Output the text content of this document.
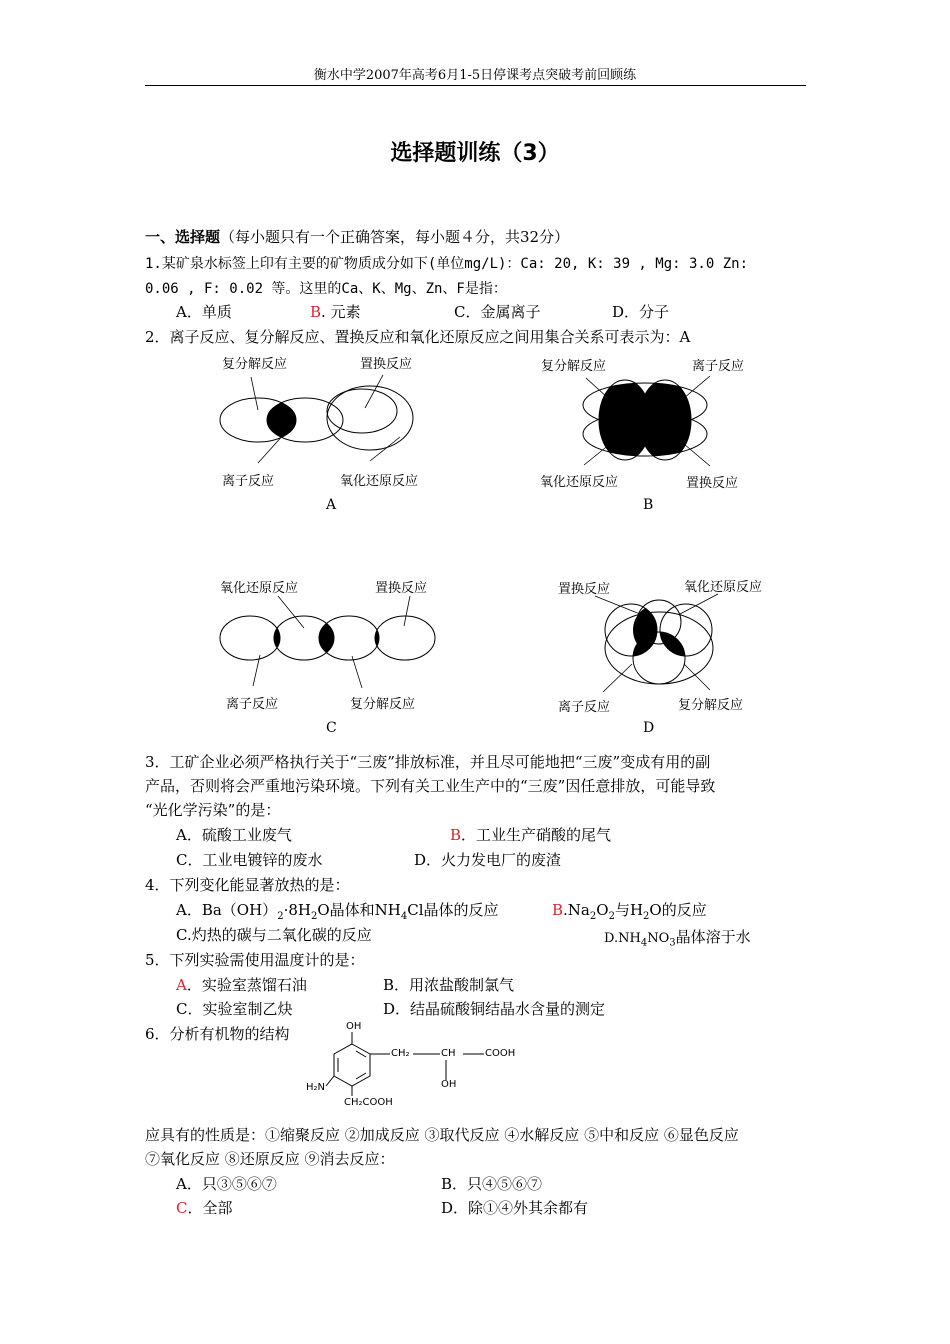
衡水中学2007年高考6月1-5日停课考点突破考前回顾练
选择题训练（3）
一、选择题（每小题只有一个正确答案，每小题４分，共32分）
1.某矿泉水标签上印有主要的矿物质成分如下(单位mg/L)：Ca: 20, K: 39 , Mg: 3.0 Zn:
0.06 , F: 0.02 等。这里的Ca、K、Mg、Zn、F是指：
A．单质	B. 元素	C．金属离子	D．分子
2．离子反应、复分解反应、置换反应和氧化还原反应之间用集合关系可表示为：A
复分解反应	置换反应
离子反应	氧化还原反应
A
复分解反应	离子反应
氧化还原反应	置换反应
B
氧化还原反应	置换反应
离子反应	复分解反应
C
置换反应	氧化还原反应
离子反应	复分解反应
D
3．工矿企业必须严格执行关于“三废”排放标准，并且尽可能地把“三废”变成有用的副
产品，否则将会严重地污染环境。下列有关工业生产中的“三废”因任意排放，可能导致
“光化学污染”的是：
A．硫酸工业废气	B．工业生产硝酸的尾气
C．工业电镀锌的废水	D．火力发电厂的废渣
4．下列变化能显著放热的是：
A．$Ba(OH)_2\cdot 8H_2O$晶体和$NH_4Cl$晶体的反应	$B.Na_2O_2$与$H_2O$的反应
C.灼热的碳与二氧化碳的反应	$D.NH_4NO_3$晶体溶于水
5．下列实验需使用温度计的是：
A．实验室蒸馏石油	B．用浓盐酸制氯气
C．实验室制乙炔	D．结晶硫酸铜结晶水含量的测定
6．分析有机物的结构	OH
CH₂	CH	COOH
OH
H₂N
CH₂COOH
应具有的性质是：①缩聚反应 ②加成反应 ③取代反应 ④水解反应 ⑤中和反应 ⑥显色反应
⑦氧化反应 ⑧还原反应 ⑨消去反应：
A．只③⑤⑥⑦	B．只④⑤⑥⑦
C．全部	D．除①④外其余都有
